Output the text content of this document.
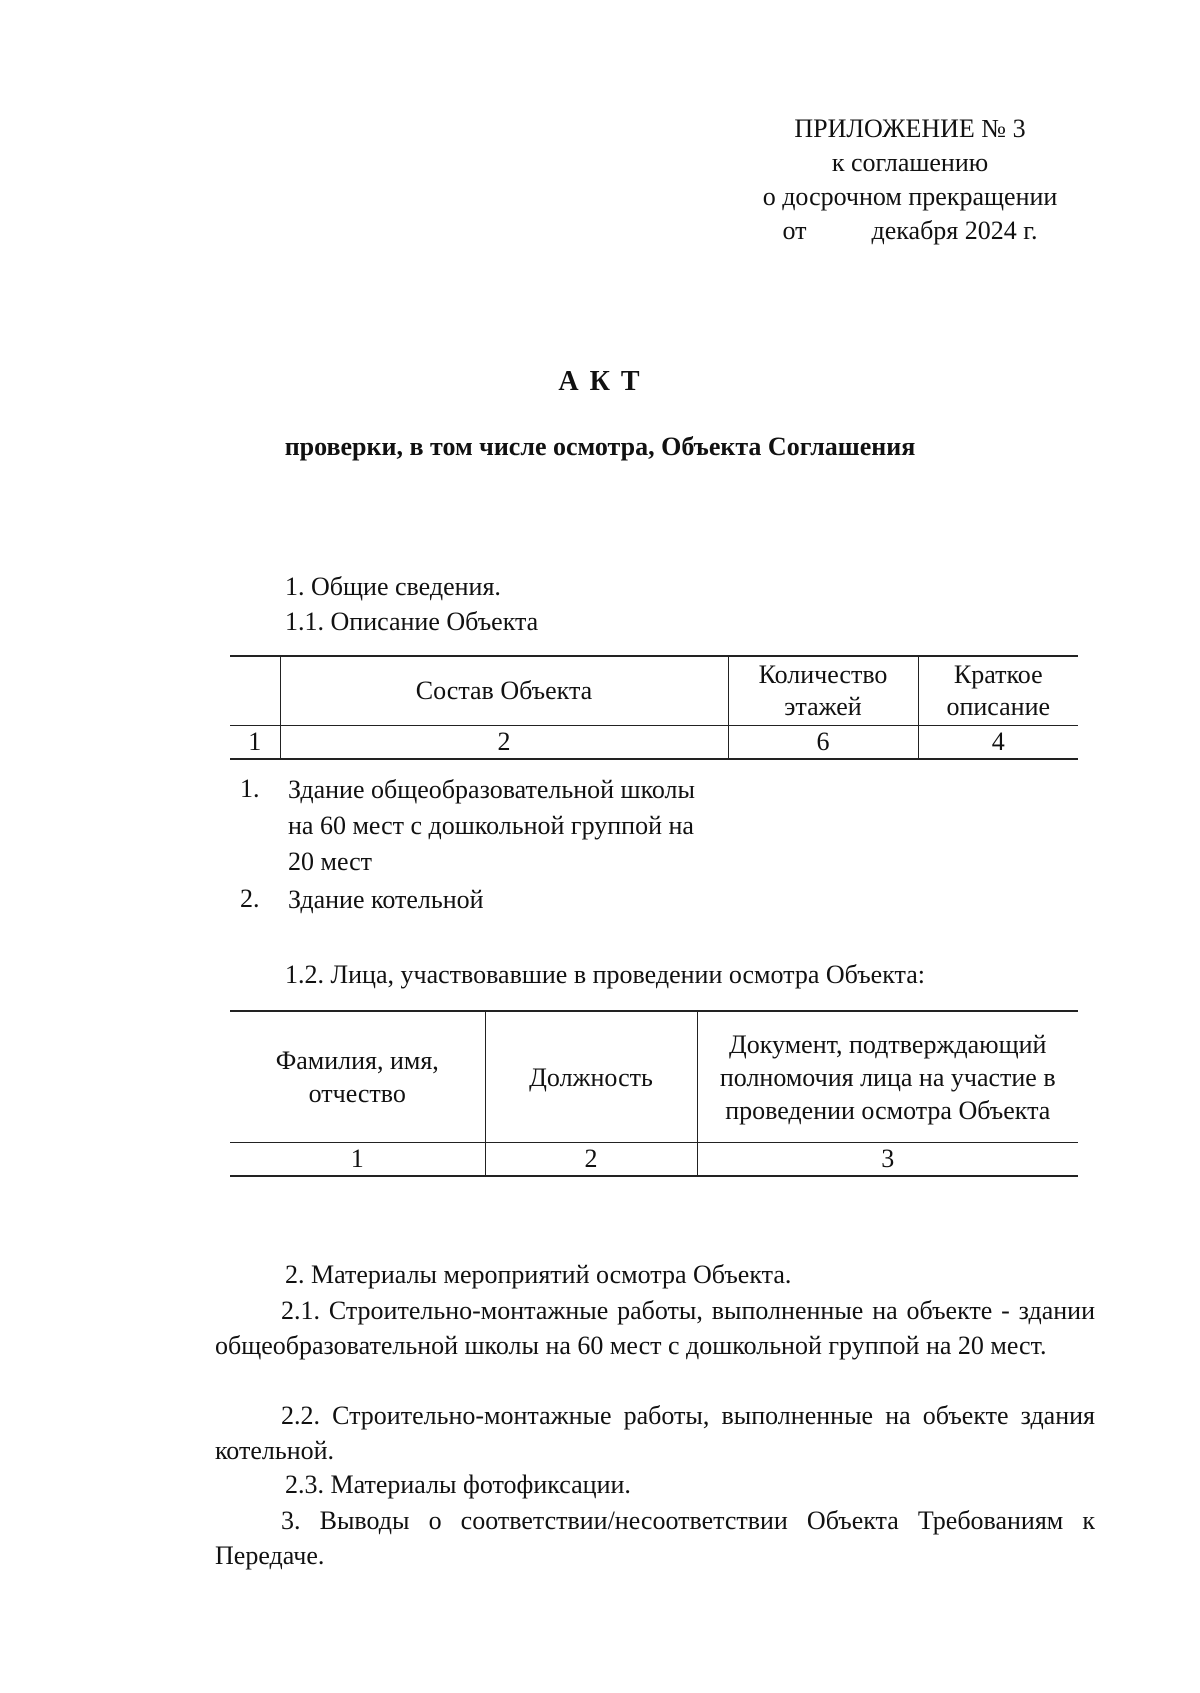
ПРИЛОЖЕНИЕ № 3
к соглашению
о досрочном прекращении
от          декабря 2024 г.
А К Т
проверки, в том числе осмотра, Объекта Соглашения
1. Общие сведения.
1.1. Описание Объекта
	Состав Объекта	Количество этажей	Краткое описание
1	2	6	4
1. Здание общеобразовательной школы на 60 мест с дошкольной группой на 20 мест
2. Здание котельной
1.2. Лица, участвовавшие в проведении осмотра Объекта:
Фамилия, имя, отчество	Должность	Документ, подтверждающий полномочия лица на участие в проведении осмотра Объекта

1	2	3
2. Материалы мероприятий осмотра Объекта.
2.1. Строительно-монтажные работы, выполненные на объекте - здании общеобразовательной школы на 60 мест с дошкольной группой на 20 мест.
2.2. Строительно-монтажные работы, выполненные на объекте здания котельной.
2.3. Материалы фотофиксации.
3. Выводы о соответствии/несоответствии Объекта Требованиям к Передаче.
